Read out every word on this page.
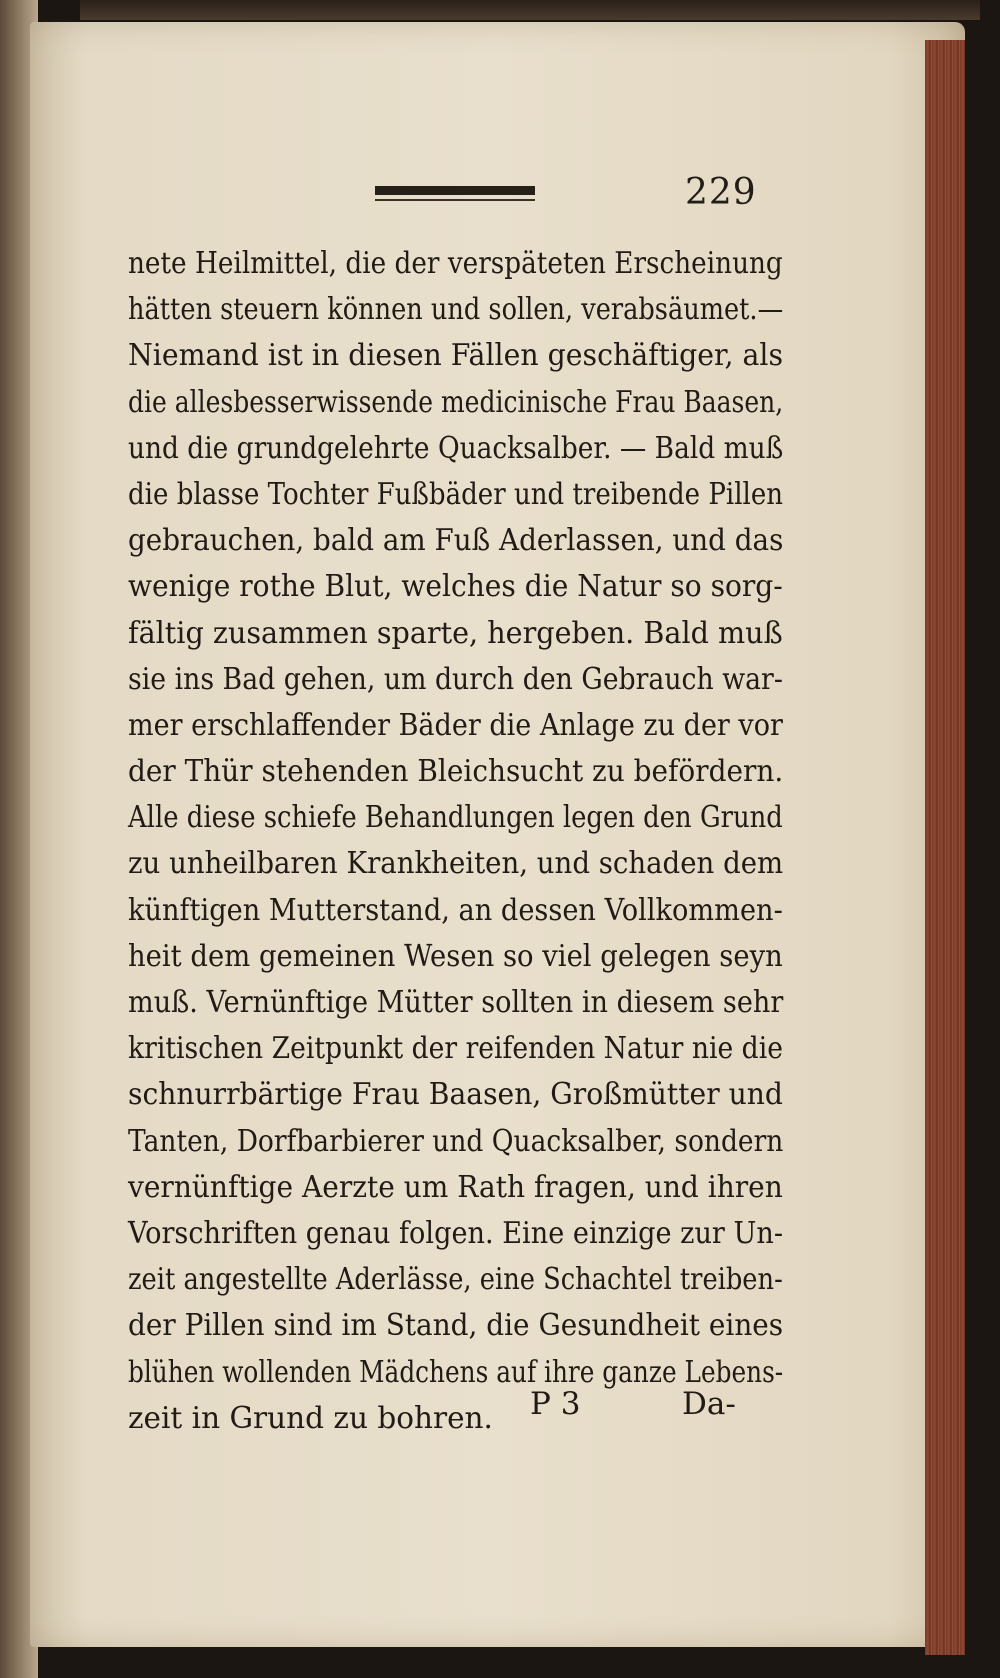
229
nete Heilmittel, die der verspäteten Erscheinung
hätten steuern können und sollen, verabsäumet.—
Niemand ist in diesen Fällen geschäftiger, als
die allesbesserwissende medicinische Frau Baasen,
und die grundgelehrte Quacksalber. — Bald muß
die blasse Tochter Fußbäder und treibende Pillen
gebrauchen, bald am Fuß Aderlassen, und das
wenige rothe Blut, welches die Natur so sorg-
fältig zusammen sparte, hergeben. Bald muß
sie ins Bad gehen, um durch den Gebrauch war-
mer erschlaffender Bäder die Anlage zu der vor
der Thür stehenden Bleichsucht zu befördern.
Alle diese schiefe Behandlungen legen den Grund
zu unheilbaren Krankheiten, und schaden dem
künftigen Mutterstand, an dessen Vollkommen-
heit dem gemeinen Wesen so viel gelegen seyn
muß. Vernünftige Mütter sollten in diesem sehr
kritischen Zeitpunkt der reifenden Natur nie die
schnurrbärtige Frau Baasen, Großmütter und
Tanten, Dorfbarbierer und Quacksalber, sondern
vernünftige Aerzte um Rath fragen, und ihren
Vorschriften genau folgen. Eine einzige zur Un-
zeit angestellte Aderlässe, eine Schachtel treiben-
der Pillen sind im Stand, die Gesundheit eines
blühen wollenden Mädchens auf ihre ganze Lebens-
zeit in Grund zu bohren.	P 3	Da-
